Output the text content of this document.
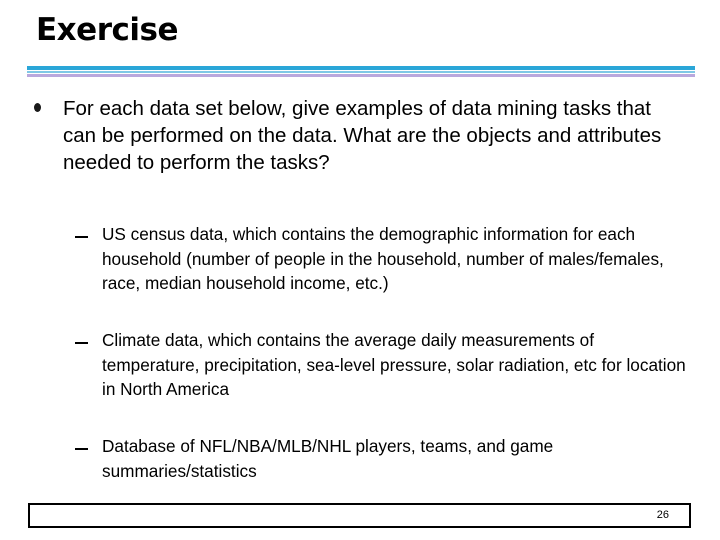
Exercise
For each data set below, give examples of data mining tasks that can be performed on the data. What are the objects and attributes needed to perform the tasks?
US census data, which contains the demographic information for each household (number of people in the household, number of males/females, race, median household income, etc.)
Climate data, which contains the average daily measurements of temperature, precipitation, sea-level pressure, solar radiation, etc for location in North America
Database of NFL/NBA/MLB/NHL players, teams, and game summaries/statistics
26
